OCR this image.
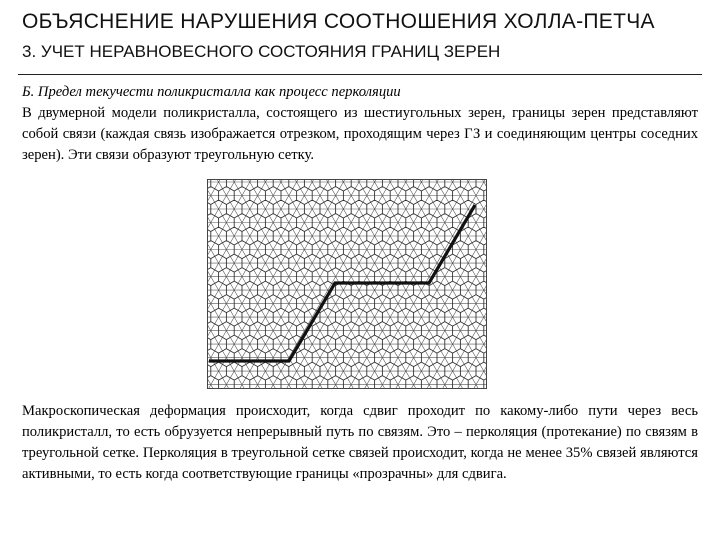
ОБЪЯСНЕНИЕ НАРУШЕНИЯ СООТНОШЕНИЯ ХОЛЛА-ПЕТЧА
3. УЧЕТ НЕРАВНОВЕСНОГО СОСТОЯНИЯ ГРАНИЦ ЗЕРЕН
Б. Предел текучести поликристалла как процесс перколяции
В двумерной модели поликристалла, состоящего из шестиугольных зерен, границы зерен представляют собой связи (каждая связь изображается отрезком, проходящим через ГЗ и соединяющим центры соседних зерен). Эти связи образуют треугольную сетку.
Макроскопическая деформация происходит, когда сдвиг проходит по какому-либо пути через весь поликристалл, то есть обрузуется непрерывный путь по связям. Это – перколяция (протекание) по связям в треугольной сетке. Перколяция в треугольной сетке связей происходит, когда не менее 35% связей являются активными, то есть когда соответствующие границы «прозрачны» для сдвига.
